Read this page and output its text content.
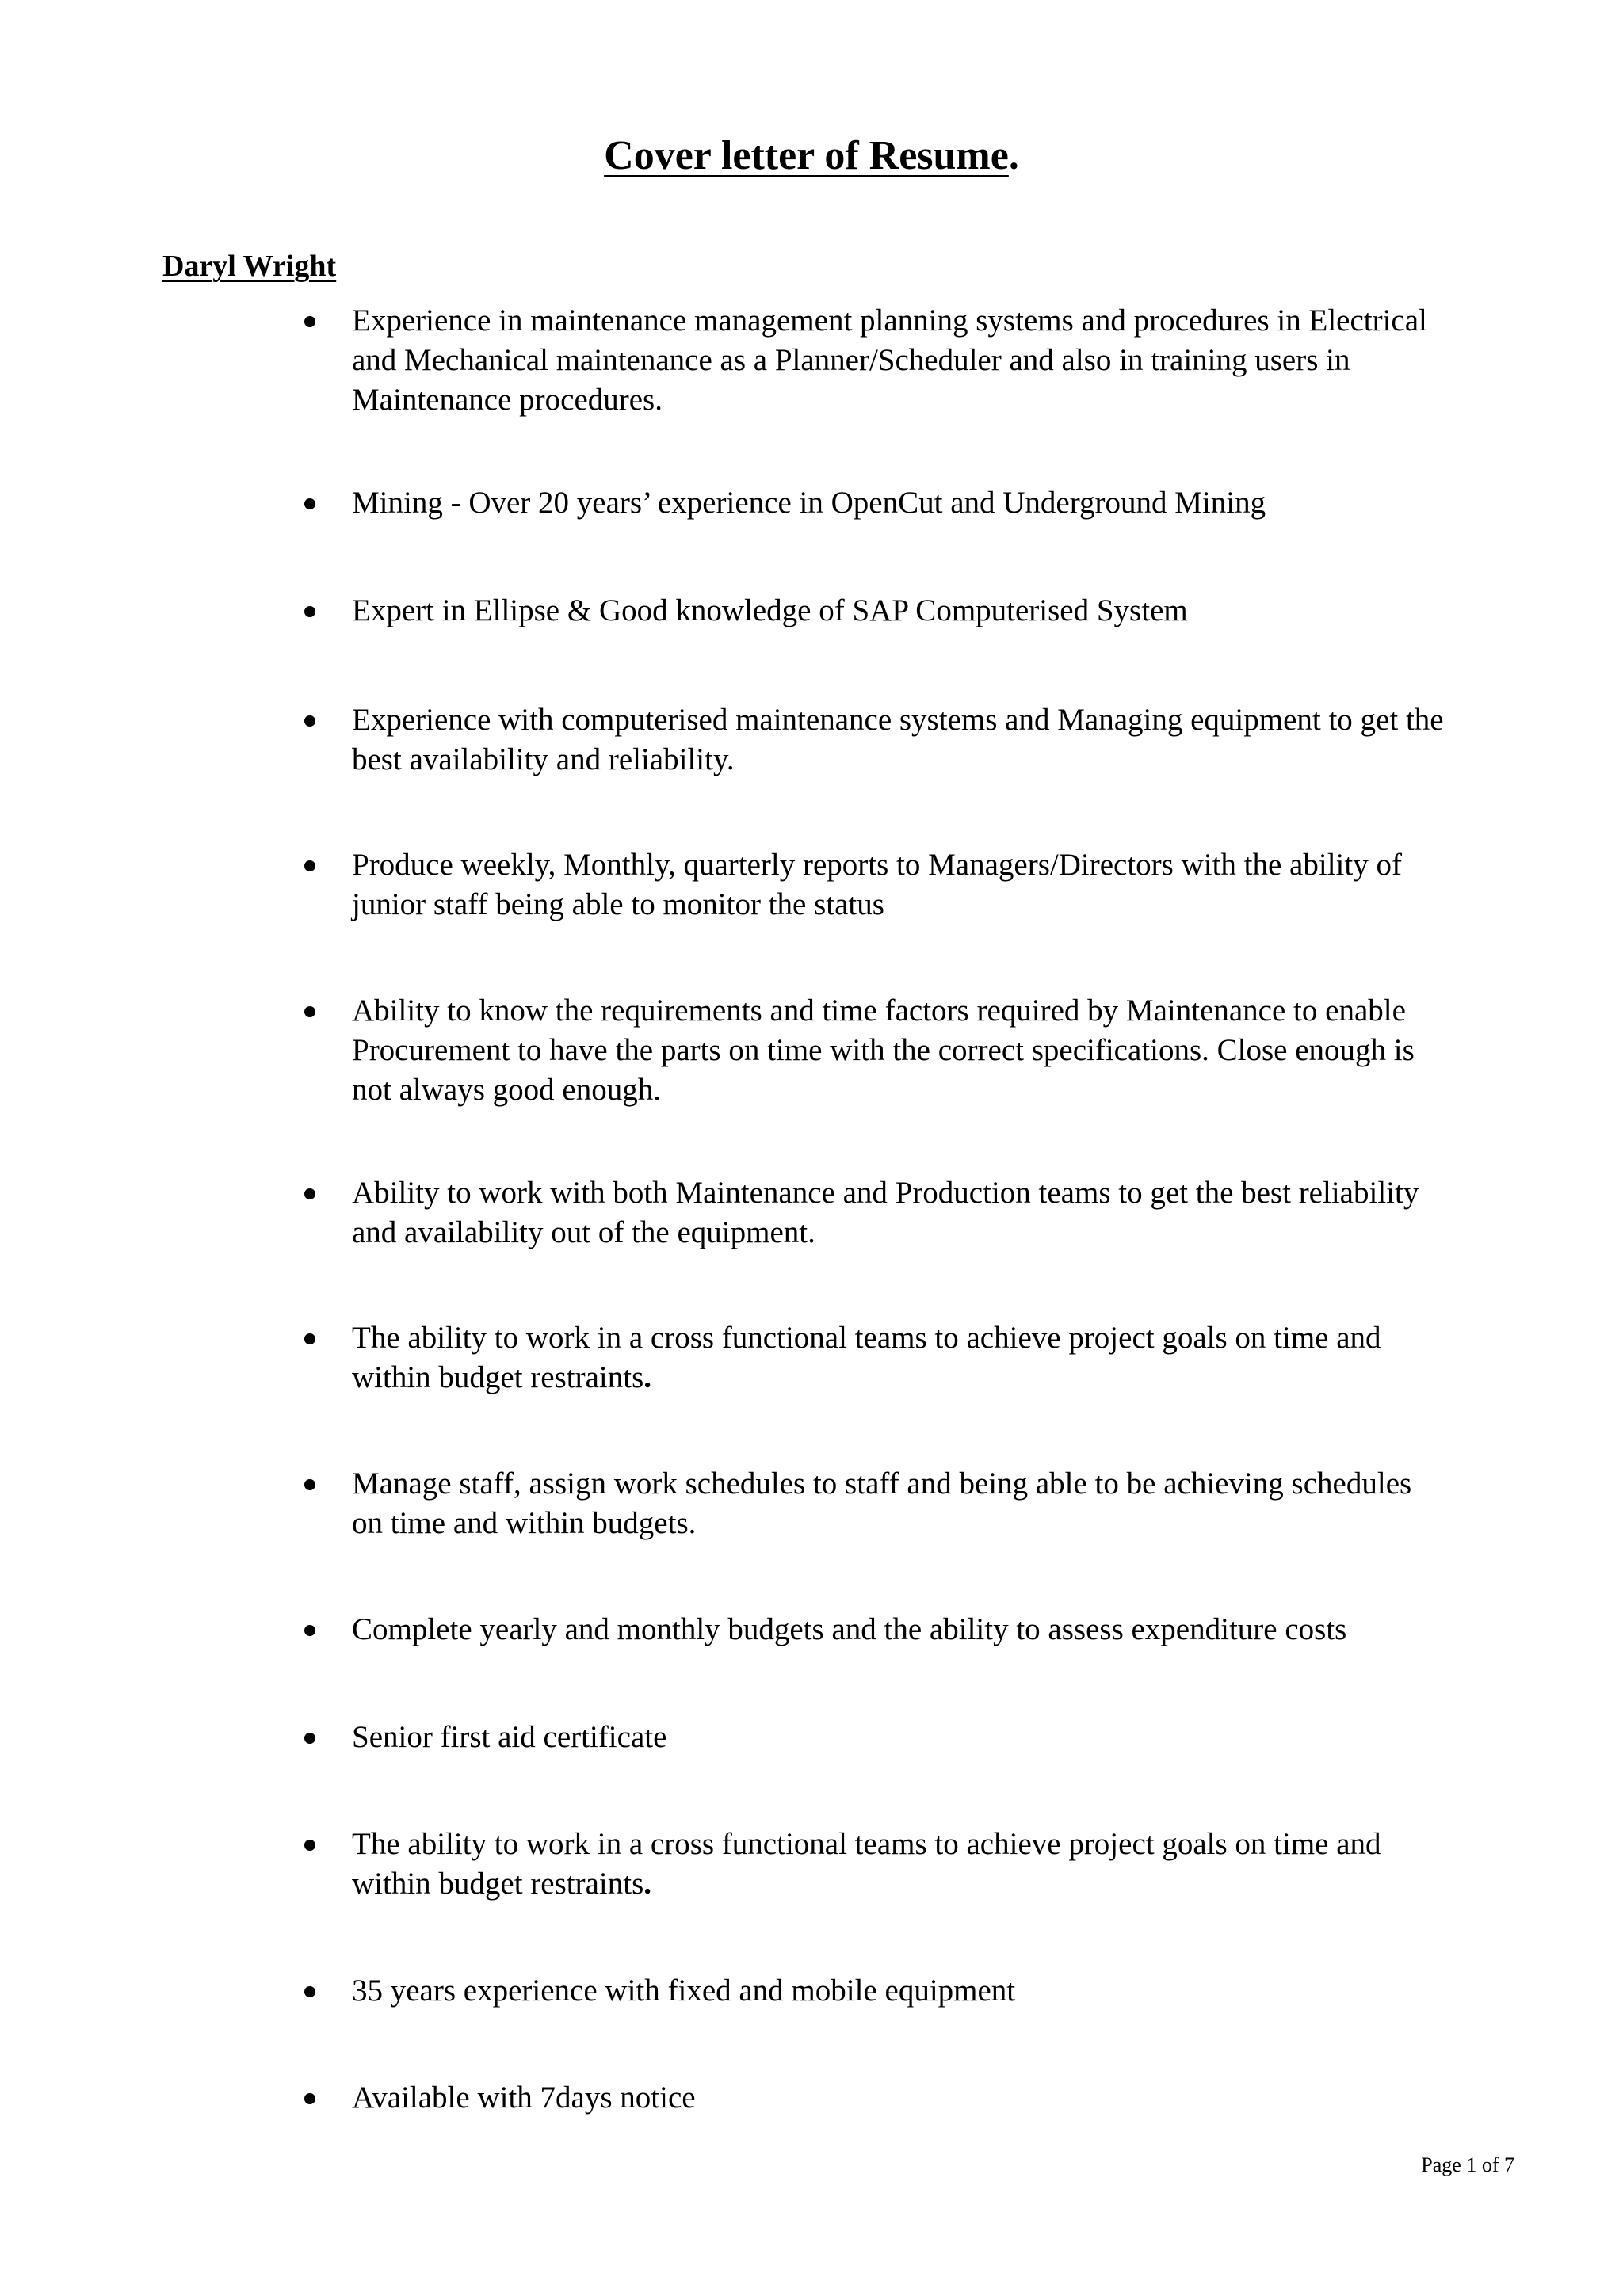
Cover letter of Resume.
Daryl Wright
Experience in maintenance management planning systems and procedures in Electrical
and Mechanical maintenance as a Planner/Scheduler and also in training users in
Maintenance procedures.
Mining - Over 20 years’ experience in OpenCut and Underground Mining
Expert in Ellipse & Good knowledge of SAP Computerised System
Experience with computerised maintenance systems and Managing equipment to get the
best availability and reliability.
Produce weekly, Monthly, quarterly reports to Managers/Directors with the ability of
junior staff being able to monitor the status
Ability to know the requirements and time factors required by Maintenance to enable
Procurement to have the parts on time with the correct specifications. Close enough is
not always good enough.
Ability to work with both Maintenance and Production teams to get the best reliability
and availability out of the equipment.
The ability to work in a cross functional teams to achieve project goals on time and
within budget restraints.
Manage staff, assign work schedules to staff and being able to be achieving schedules
on time and within budgets.
Complete yearly and monthly budgets and the ability to assess expenditure costs
Senior first aid certificate
The ability to work in a cross functional teams to achieve project goals on time and
within budget restraints.
35 years experience with fixed and mobile equipment
Available with 7days notice

Page 1 of 7
